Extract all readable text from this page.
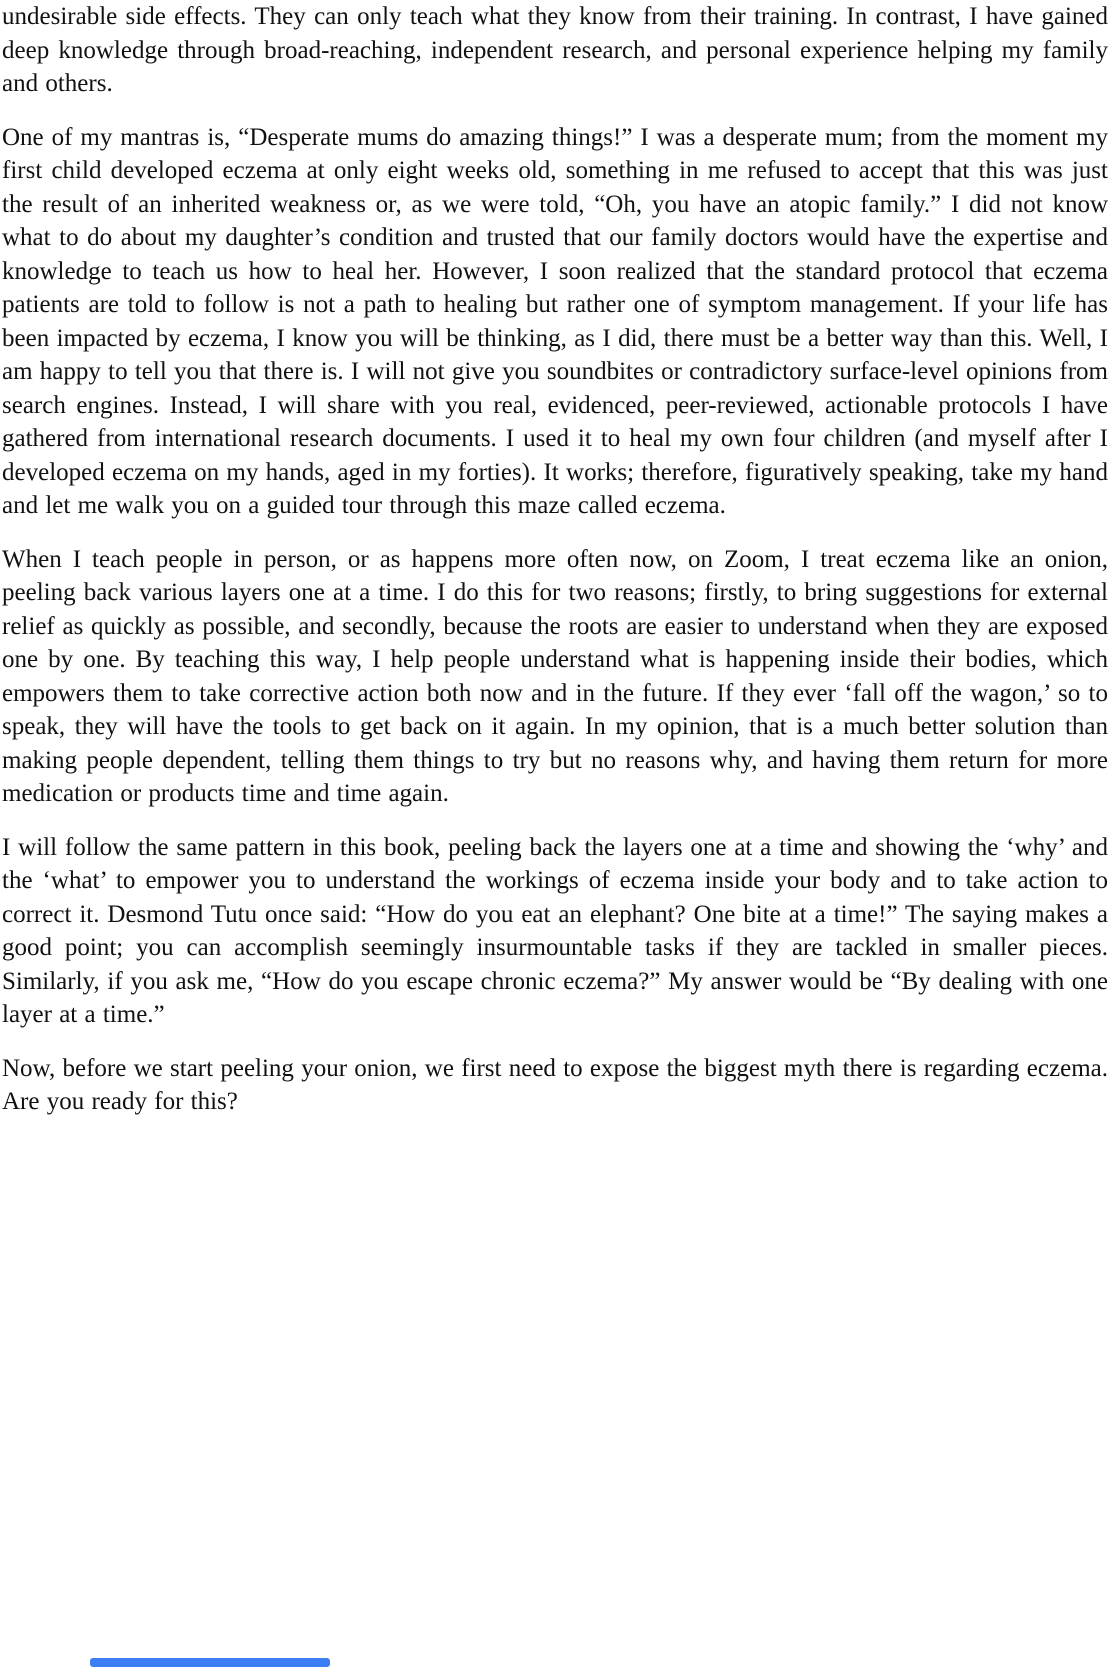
undesirable side effects. They can only teach what they know from their training. In contrast, I have gained deep knowledge through broad-reaching, independent research, and personal experience helping my family and others.

One of my mantras is, “Desperate mums do amazing things!” I was a desperate mum; from the moment my first child developed eczema at only eight weeks old, something in me refused to accept that this was just the result of an inherited weakness or, as we were told, “Oh, you have an atopic family.” I did not know what to do about my daughter’s condition and trusted that our family doctors would have the expertise and knowledge to teach us how to heal her. However, I soon realized that the standard protocol that eczema patients are told to follow is not a path to healing but rather one of symptom management. If your life has been impacted by eczema, I know you will be thinking, as I did, there must be a better way than this. Well, I am happy to tell you that there is. I will not give you soundbites or contradictory surface-level opinions from search engines. Instead, I will share with you real, evidenced, peer-reviewed, actionable protocols I have gathered from international research documents. I used it to heal my own four children (and myself after I developed eczema on my hands, aged in my forties). It works; therefore, figuratively speaking, take my hand and let me walk you on a guided tour through this maze called eczema.

When I teach people in person, or as happens more often now, on Zoom, I treat eczema like an onion, peeling back various layers one at a time. I do this for two reasons; firstly, to bring suggestions for external relief as quickly as possible, and secondly, because the roots are easier to understand when they are exposed one by one. By teaching this way, I help people understand what is happening inside their bodies, which empowers them to take corrective action both now and in the future. If they ever ‘fall off the wagon,’ so to speak, they will have the tools to get back on it again. In my opinion, that is a much better solution than making people dependent, telling them things to try but no reasons why, and having them return for more medication or products time and time again.

I will follow the same pattern in this book, peeling back the layers one at a time and showing the ‘why’ and the ‘what’ to empower you to understand the workings of eczema inside your body and to take action to correct it. Desmond Tutu once said: “How do you eat an elephant? One bite at a time!” The saying makes a good point; you can accomplish seemingly insurmountable tasks if they are tackled in smaller pieces. Similarly, if you ask me, “How do you escape chronic eczema?” My answer would be “By dealing with one layer at a time.”

Now, before we start peeling your onion, we first need to expose the biggest myth there is regarding eczema. Are you ready for this?
